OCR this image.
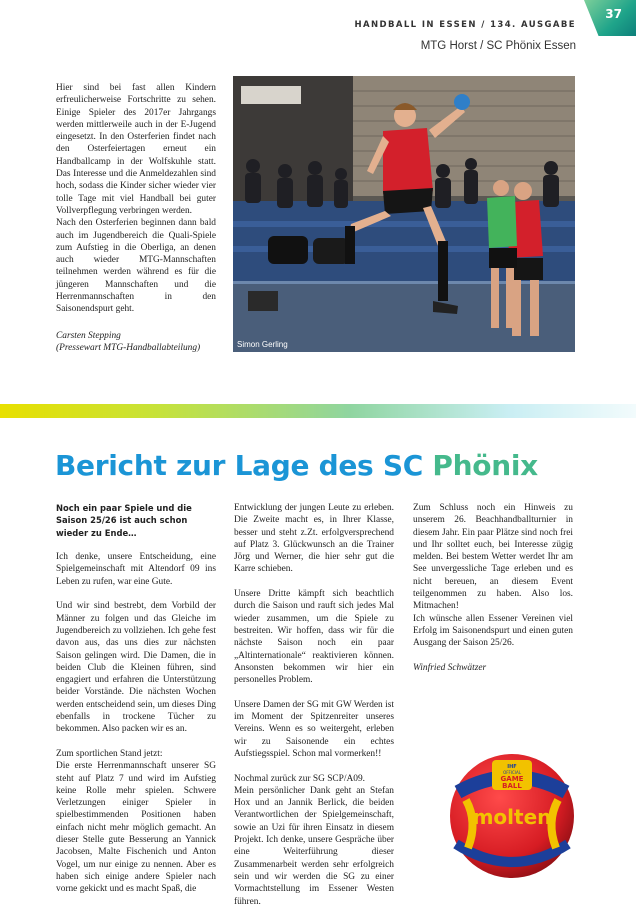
37
HANDBALL IN ESSEN / 134. AUSGABE
MTG Horst / SC Phönix Essen

Hier sind bei fast allen Kindern erfreulicherweise Fortschritte zu sehen. Einige Spieler des 2017er Jahrgangs werden mittlerweile auch in der E-Jugend eingesetzt. In den Osterferien findet nach den Osterfeiertagen erneut ein Handballcamp in der Wolfskuhle statt. Das Interesse und die Anmeldezahlen sind hoch, sodass die Kinder sicher wieder vier tolle Tage mit viel Handball bei guter Vollverpflegung verbringen werden.

Nach den Osterferien beginnen dann bald auch im Jugendbereich die Quali-Spiele zum Aufstieg in die Oberliga, an denen auch wieder MTG-Mannschaften teilnehmen werden während es für die jüngeren Mannschaften und die Herrenmannschaften in den Saisonendspurt geht.

Carsten Stepping
(Pressewart MTG-Handballabteilung)	Simon Gerling
Bericht zur Lage des SC Phönix

Noch ein paar Spiele und die Saison 25/26 ist auch schon wieder zu Ende…

Ich denke, unsere Entscheidung, eine Spielgemeinschaft mit Altendorf 09 ins Leben zu rufen, war eine Gute.

Und wir sind bestrebt, dem Vorbild der Männer zu folgen und das Gleiche im Jugendbereich zu vollziehen. Ich gehe fest davon aus, das uns dies zur nächsten Saison gelingen wird. Die Damen, die in beiden Club die Kleinen führen, sind engagiert und erfahren die Unterstützung beider Vorstände. Die nächsten Wochen werden entscheidend sein, um dieses Ding ebenfalls in trockene Tücher zu bekommen. Also packen wir es an.

Zum sportlichen Stand jetzt:

Die erste Herrenmannschaft unserer SG steht auf Platz 7 und wird im Aufstieg keine Rolle mehr spielen. Schwere Verletzungen einiger Spieler in spielbestimmenden Positionen haben einfach nicht mehr möglich gemacht. An dieser Stelle gute Besserung an Yannick Jacobsen, Malte Fischenich und Anton Vogel, um nur einige zu nennen. Aber es haben sich einige andere Spieler nach vorne gekickt und es macht Spaß, die

Entwicklung der jungen Leute zu erleben. Die Zweite macht es, in Ihrer Klasse, besser und steht z.Zt. erfolgversprechend auf Platz 3. Glückwunsch an die Trainer Jörg und Werner, die hier sehr gut die Karre schieben.

Unsere Dritte kämpft sich beachtlich durch die Saison und rauft sich jedes Mal wieder zusammen, um die Spiele zu bestreiten. Wir hoffen, dass wir für die nächste Saison noch ein paar „Altinternationale“ reaktivieren können. Ansonsten bekommen wir hier ein personelles Problem.

Unsere Damen der SG mit GW Werden ist im Moment der Spitzenreiter unseres Vereins. Wenn es so weitergeht, erleben wir zu Saisonende ein echtes Aufstiegsspiel. Schon mal vormerken!!

Nochmal zurück zur SG SCP/A09.

Mein persönlicher Dank geht an Stefan Hox und an Jannik Berlick, die beiden Verantwortlichen der Spielgemeinschaft, sowie an Uzi für ihren Einsatz in diesem Projekt. Ich denke, unsere Gespräche über eine Weiterführung dieser Zusammenarbeit werden sehr erfolgreich sein und wir werden die SG zu einer Vormachtstellung im Essener Westen führen.

Zum Schluss noch ein Hinweis zu unserem 26. Beachhandballturnier in diesem Jahr. Ein paar Plätze sind noch frei und Ihr solltet euch, bei Interesse zügig melden. Bei bestem Wetter werdet Ihr am See unvergessliche Tage erleben und es nicht bereuen, an diesem Event teilgenommen zu haben. Also los. Mitmachen!

Ich wünsche allen Essener Vereinen viel Erfolg im Saisonendspurt und einen guten Ausgang der Saison 25/26.

Winfried Schwätzer

IHF
OFFICIAL
GAME
BALL
molten
